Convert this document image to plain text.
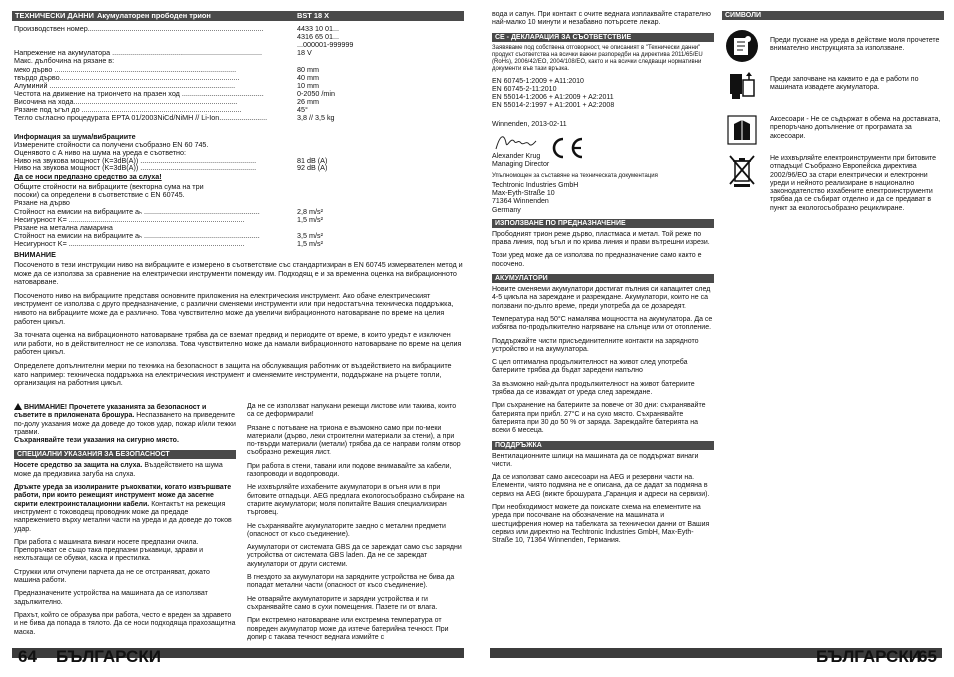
ТЕХНИЧЕСКИ ДАННИ Акумулаторен прободен трион	BST 18 X
Производствен номер........................................................................................	4433 10 01...
4316 65 01...
...000001-999999
Напрежение на акумулатора ...........................................................................	18 V
Макс. дълбочина на рязане в:
меко дърво ...........................................................................................	80 mm
твърдо дърво..........................................................................................	40 mm
Алуминий .............................................................................................	10 mm
Честота на движение на триончето на празен ход .........................................	0-2050 /min
Височина на хода..................................................................................	26 mm
Рязане под ъгъл до ................................................................................	45°
Тегло съгласно процедурата EPTA 01/2003NiCd/NiMH // Li-Ion........................	3,8 // 3,5 kg
Информация за шума/вибрациите
Измерените стойности са получени съобразно EN 60 745.
Оценявото с А ниво на шума на уреда е съответно:
Ниво на звукова мощност (K=3dB(A)) ..........................................................	81 dB (A)
Ниво на звукова мощност (K=3dB(A)) ..........................................................	92 dB (A)
Да се носи предпазно средство за слуха!
Общите стойности на вибрациите (векторна сума на три
посоки) са определени в съответствие с EN 60745.
Рязане на дърво
Стойност на емисии на вибрациите aₕ ..........................................................	2,8 m/s²
Несигурност K= ........................................................................................	1,5 m/s²
Рязане на метална ламарина
Стойност на емисии на вибрациите aₕ ..........................................................	3,5 m/s²
Несигурност K= ........................................................................................	1,5 m/s²
ВНИМАНИЕ

Посоченото в тези инструкции ниво на вибрациите е измерено в съответствие със стандартизиран в EN 60745 измервателен метод и може да се използва за сравнение на електрически инструменти помежду им. Подходящ е и за временна оценка на вибрационното натоварване.

Посоченото ниво на вибрациите представя основните приложения на електрическия инструмент. Ако обаче електрическият инструмент се използва с друго предназначение, с различни сменяеми инструменти или при недостатъчна техническа поддръжка, нивото на вибрациите може да е различно. Това чувствително може да увеличи вибрационното натоварване по време на целия работен цикъл.

За точната оценка на вибрационното натоварване трябва да се вземат предвид и периодите от време, в които уредът е изключен или работи, но в действителност не се използва. Това чувствително може да намали вибрационното натоварване по време на целия работен цикъл.

Определете допълнителни мерки по техника на безопасност в защита на обслужващия работник от въздействието на вибрациите като например: техническа поддръжка на електрическия инструмент и сменяемите инструменти, поддържане на ръцете топли, организация на работния цикъл.

ВНИМАНИЕ! Прочетете указанията за безопасност и съветите в приложената брошура. Неспазването на приведените по-долу указания може да доведе до токов удар, пожар и/или тежки травми.
Съхранявайте тези указания на сигурно място.

СПЕЦИАЛНИ УКАЗАНИЯ ЗА БЕЗОПАСНОСТ

Носете средство за защита на слуха. Въздействието на шума може да предизвика загуба на слуха.

Дръжте уреда за изолираните ръкохватки, когато извършвате работи, при които режещият инструмент може да засегне скрити електроинсталационни кабели. Контактът на режещия инструмент с тоководещ проводник може да предаде напрежението върху метални части на уреда и да доведе до токов удар.

При работа с машината винаги носете предпазни очила. Препоръчват се също така предпазни ръкавици, здрави и нехлъзгащи се обувки, каска и престилка.

Стружки или отчупени парчета да не се отстраняват, докато машина работи.

Предназначените устройства на машината да се използват задължително.

Прахът, който се образува при работа, често е вреден за здравето и не бива да попада в тялото. Да се носи подходяща прахозащитна маска.

Да не се използват напукани режещи листове или такива, които са се деформирали!

Рязане с потъване на триона е възможно само при по-меки материали (дърво, леки строителни материали за стени), а при по-твърди материали (метали) трябва да се направи голям отвор съобразно режещия лист.

При работа в стени, тавани или подове внимавайте за кабели, газопроводи и водопроводи.

Не изхвърляйте изхабените акумулатори в огъня или в при битовите отпадъци. AEG предлага екологосъобразно събиране на старите акумулатори; моля попитайте Вашия специализиран търговец.

Не съхранявайте акумулаторите заедно с метални предмети (опасност от късо съединение).

Акумулатори от системата GBS да се зареждат само със зарядни устройства от системата GBS laden. Да не се зареждат акумулатори от други системи.

В гнездото за акумулатори на зарядните устройства не бива да попадат метални части (опасност от късо съединение).

Не отваряйте акумулаторите и зарядни устройства и ги съхранявайте само в сухи помещения. Пазете ги от влага.

При екстремно натоварване или екстремна температура от повреден акумулатор може да изтече батерийна течност. При допир с такава течност веднага измийте с

64 БЪЛГАРСКИ

вода и сапун. При контакт с очите веднага изплаквайте старателно най-малко 10 минути и незабавно потърсете лекар.

СЕ - ДЕКЛАРАЦИЯ ЗА СЪОТВЕТСТВИЕ

Заявяваме под собствена отговорност, че описаният в "Технически данни" продукт съответства на всички важни разпоредби на директива 2011/65/EU (RoHs), 2006/42/EO, 2004/108/EO, както и на всички следващи нормативни документи във тази връзка.

EN 60745-1:2009 + A11:2010
EN 60745-2-11:2010
EN 55014-1:2006 + A1:2009 + A2:2011
EN 55014-2:1997 + A1:2001 + A2:2008
Winnenden, 2013-02-11
Alexander Krug
Managing Director
Упълномощен за съставяне на техническата документация
Techtronic Industries GmbH
Max-Eyth-Straße 10
71364 Winnenden
Germany
ИЗПОЛЗВАНЕ ПО ПРЕДНАЗНАЧЕНИЕ

Прободният трион реже дърво, пластмаса и метал. Той реже по права линия, под ъгъл и по крива линия и прави вътрешни изрези.

Този уред може да се използва по предназначение само както е посочено.

АКУМУЛАТОРИ

Новите сменяеми акумулатори достигат пълния си капацитет след 4-5 цикъла на зареждане и разреждане. Акумулатори, които не са ползвани по-дълго време, преди употреба да се дозаредят.

Температура над 50°C намалява мощността на акумулатора. Да се избягва по-продължително нагряване на слънце или от отопление.

Поддържайте чисти присъединителните контакти на зарядното устройство и на акумулатора.

С цел оптимална продължителност на живот след употреба батериите трябва да бъдат заредени напълно

За възможно най-дълга продължителност на живот батериите трябва да се изваждат от уреда след зареждане.

При съхранение на батериите за повече от 30 дни: съхранявайте батерията при прибл. 27°C и на сухо място. Съхранявайте батерията при 30 до 50 % от заряда. Зареждайте батерията на всеки 6 месеца.

ПОДДРЪЖКА

Вентилационните шлици на машината да се поддържат винаги чисти.

Да се използват само аксесоари на AEG и резервни части на. Елементи, чиято подмяна не е описана, да се дадат за подмяна в сервиз на AEG (вижте брошурата „Гаранция и адреси на сервизи).

При необходимост можете да поискате схема на елементите на уреда при посочване на обозначение на машината и шестцифрения номер на табелката за технически данни от Вашия сервиз или директно на Techtronic Industries GmbH, Max-Eyth-Straße 10, 71364 Winnenden, Германия.

СИМВОЛИ
Преди пускане на уреда в действие моля прочетете внимателно инструкцията за използване.
Преди започване на каквито е да е работи по машината извадете акумулатора.
Аксесоари - Не се съдържат в обема на доставката, препоръчано допълнение от програмата за аксесоари.
Не изхвърляйте електроинструменти при битовите отпадъци! Съобразно Европейска директива 2002/96/ЕО за стари електрически и електронни уреди и нейното реализиране в национално законодателство изхабените електроинструменти трябва да се събират отделно и да се предават в пункт за екологосъобразно рециклиране.
БЪЛГАРСКИ
65
